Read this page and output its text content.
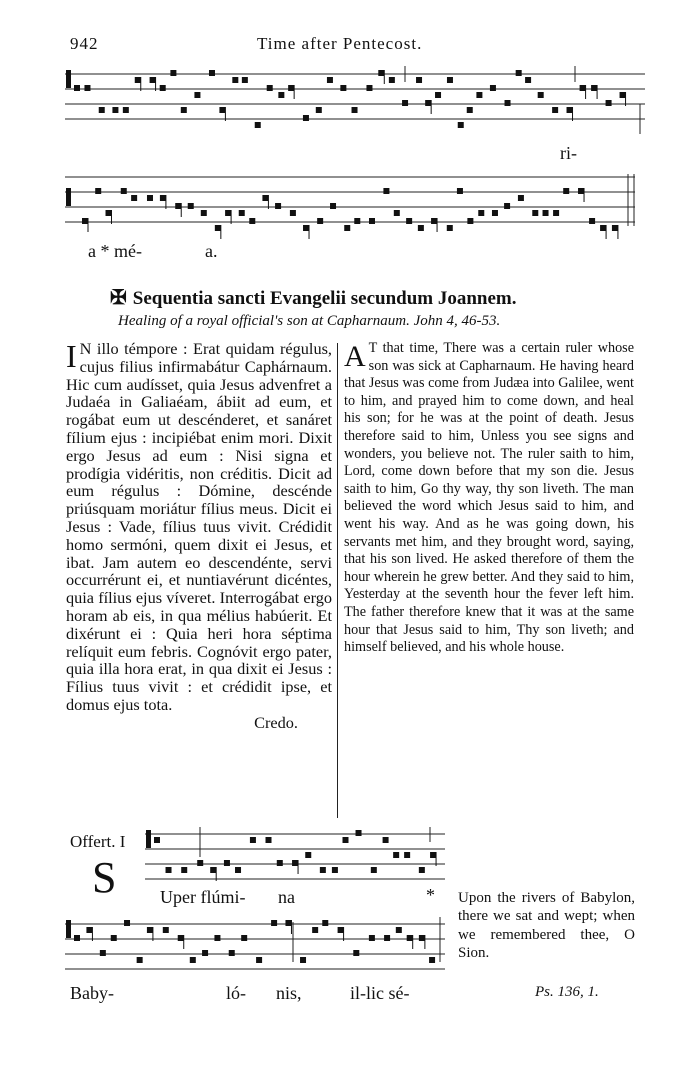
942	Time after Pentecost.
ri-
a * mé-	a.
✠ Sequentia sancti Evangelii secundum Joannem.
Healing of a royal official's son at Capharnaum. John 4, 46-53.

I N illo témpore : Erat quidam régulus, cujus filius infirmabátur Caphárnaum. Hic cum audísset, quia Jesus advenfret a Judaéa in Galiaéam, ábiit ad eum, et rogábat eum ut descénderet, et sanáret fílium ejus : incipiébat enim mori. Dixit ergo Jesus ad eum : Nisi signa et prodígia vidéritis, non créditis. Dicit ad eum régulus : Dómine, descénde priúsquam moriátur fílius meus. Dicit ei Jesus : Vade, fílius tuus vivit. Crédidit homo sermóni, quem dixit ei Jesus, et ibat. Jam autem eo descendénte, servi occurrérunt ei, et nuntiavérunt dicéntes, quia fílius ejus víveret. Interrogábat ergo horam ab eis, in qua mélius habúerit. Et dixérunt ei : Quia heri hora séptima relíquit eum febris. Cognóvit ergo pater, quia illa hora erat, in qua dixit ei Jesus : Fílius tuus vivit : et crédidit ipse, et domus ejus tota.

Credo.

A T that time, There was a certain ruler whose son was sick at Capharnaum. He having heard that Jesus was come from Judæa into Galilee, went to him, and prayed him to come down, and heal his son; for he was at the point of death. Jesus therefore said to him, Unless you see signs and wonders, you believe not. The ruler saith to him, Lord, come down before that my son die. Jesus saith to him, Go thy way, thy son liveth. The man believed the word which Jesus said to him, and went his way. And as he was going down, his servants met him, and they brought word, saying, that his son lived. He asked therefore of them the hour wherein he grew better. And they said to him, Yesterday at the seventh hour the fever left him. The father therefore knew that it was at the same hour that Jesus said to him, Thy son liveth; and himself believed, and his whole house.

Offert. I
S Uper flúmi- na	*
Baby-	ló- nis,	il-lic sé-
Upon the rivers of Babylon, there we sat and wept; when we remembered thee, O Sion.
Ps. 136, 1.
